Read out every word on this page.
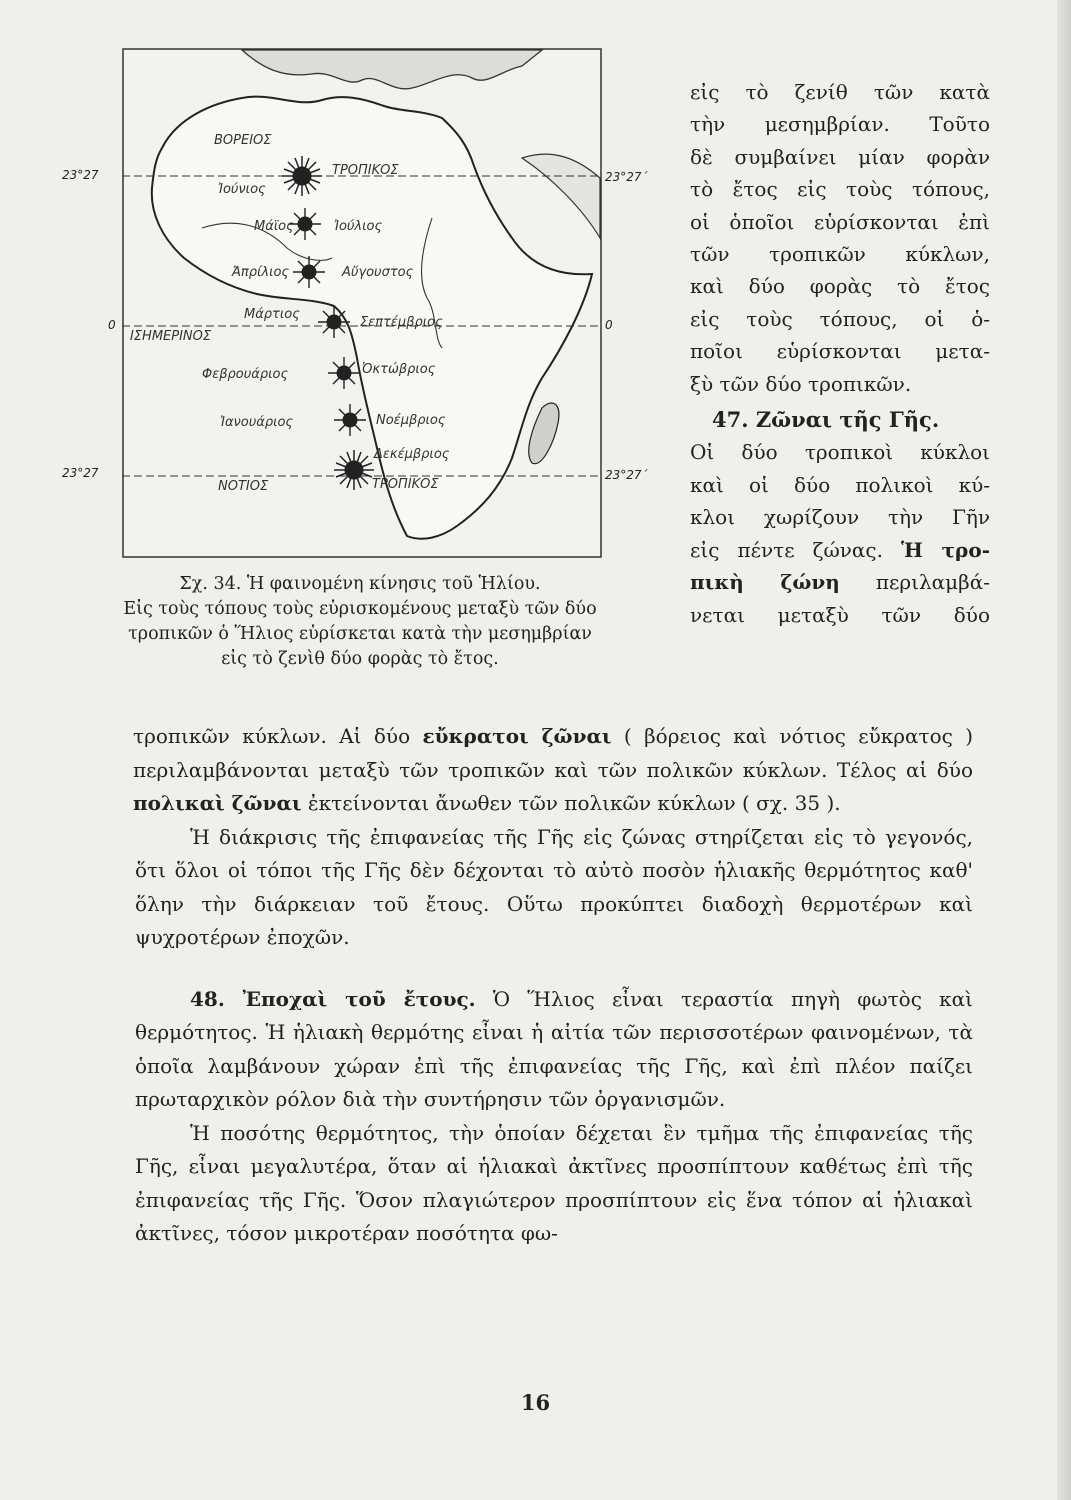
ΒΟΡΕΙΟΣ
ΤΡΟΠΙΚΟΣ
Ἰούνιος
Μάϊος	Ἰούλιος
Ἀπρίλιος	Αὔγουστος
ΙΣΗΜΕΡΙΝΟΣ
Μάρτιος
Σεπτέμβριος
Φεβρουάριος	Ὀκτώβριος
Ἰανουάριος	Νοέμβριος
Δεκέμβριος
ΝΟΤΙΟΣ	ΤΡΟΠΙΚΟΣ
23°27	23°27΄
0	0
23°27	23°27΄

Σχ. 34. Ἡ φαινομένη κίνησις τοῦ Ἡλίου.

Εἰς τοὺς τόπους τοὺς εὑρισκομένους μεταξὺ τῶν δύο

τροπικῶν ὁ Ἥλιος εὑρίσκεται κατὰ τὴν μεσημβρίαν

εἰς τὸ ζενὶθ δύο φορὰς τὸ ἔτος.

εἰς τὸ ζενίθ τῶν κατὰ

τὴν μεσημβρίαν. Τοῦτο

δὲ συμβαίνει μίαν φορὰν

τὸ ἔτος εἰς τοὺς τόπους,

οἱ ὁποῖοι εὑρίσκονται ἐπὶ

τῶν τροπικῶν κύκλων,

καὶ δύο φορὰς τὸ ἔτος

εἰς τοὺς τόπους, οἱ ὁ-

ποῖοι εὑρίσκονται μετα-

ξὺ τῶν δύο τροπικῶν.

47. Ζῶναι τῆς Γῆς.

Οἱ δύο τροπικοὶ κύκλοι

καὶ οἱ δύο πολικοὶ κύ-

κλοι χωρίζουν τὴν Γῆν

εἰς πέντε ζώνας. Ἡ τρο-

πικὴ ζώνη περιλαμβά-

νεται μεταξὺ τῶν δύο

τροπικῶν κύκλων. Αἱ δύο εὔκρατοι ζῶναι ( βόρειος καὶ νότιος εὔκρατος ) περιλαμβάνονται μεταξὺ τῶν τροπικῶν καὶ τῶν πολικῶν κύκλων. Τέλος αἱ δύο πολικαὶ ζῶναι ἐκτείνονται ἄνωθεν τῶν πολικῶν κύκλων ( σχ. 35 ).

Ἡ διάκρισις τῆς ἐπιφανείας τῆς Γῆς εἰς ζώνας στηρίζεται εἰς τὸ γεγονός, ὅτι ὅλοι οἱ τόποι τῆς Γῆς δὲν δέχονται τὸ αὐτὸ ποσὸν ἡλιακῆς θερμότητος καθ' ὅλην τὴν διάρκειαν τοῦ ἔτους. Οὕτω προκύπτει διαδοχὴ θερμοτέρων καὶ ψυχροτέρων ἐποχῶν.

48. Ἐποχαὶ τοῦ ἔτους. Ὁ Ἥλιος εἶναι τεραστία πηγὴ φωτὸς καὶ θερμότητος. Ἡ ἡλιακὴ θερμότης εἶναι ἡ αἰτία τῶν περισσοτέρων φαινομένων, τὰ ὁποῖα λαμβάνουν χώραν ἐπὶ τῆς ἐπιφανείας τῆς Γῆς, καὶ ἐπὶ πλέον παίζει πρωταρχικὸν ρόλον διὰ τὴν συντήρησιν τῶν ὀργανισμῶν.

Ἡ ποσότης θερμότητος, τὴν ὁποίαν δέχεται ἓν τμῆμα τῆς ἐπιφανείας τῆς Γῆς, εἶναι μεγαλυτέρα, ὅταν αἱ ἡλιακαὶ ἀκτῖνες προσπίπτουν καθέτως ἐπὶ τῆς ἐπιφανείας τῆς Γῆς. Ὅσον πλαγιώτερον προσπίπτουν εἰς ἕνα τόπον αἱ ἡλιακαὶ ἀκτῖνες, τόσον μικροτέραν ποσότητα φω-

16
